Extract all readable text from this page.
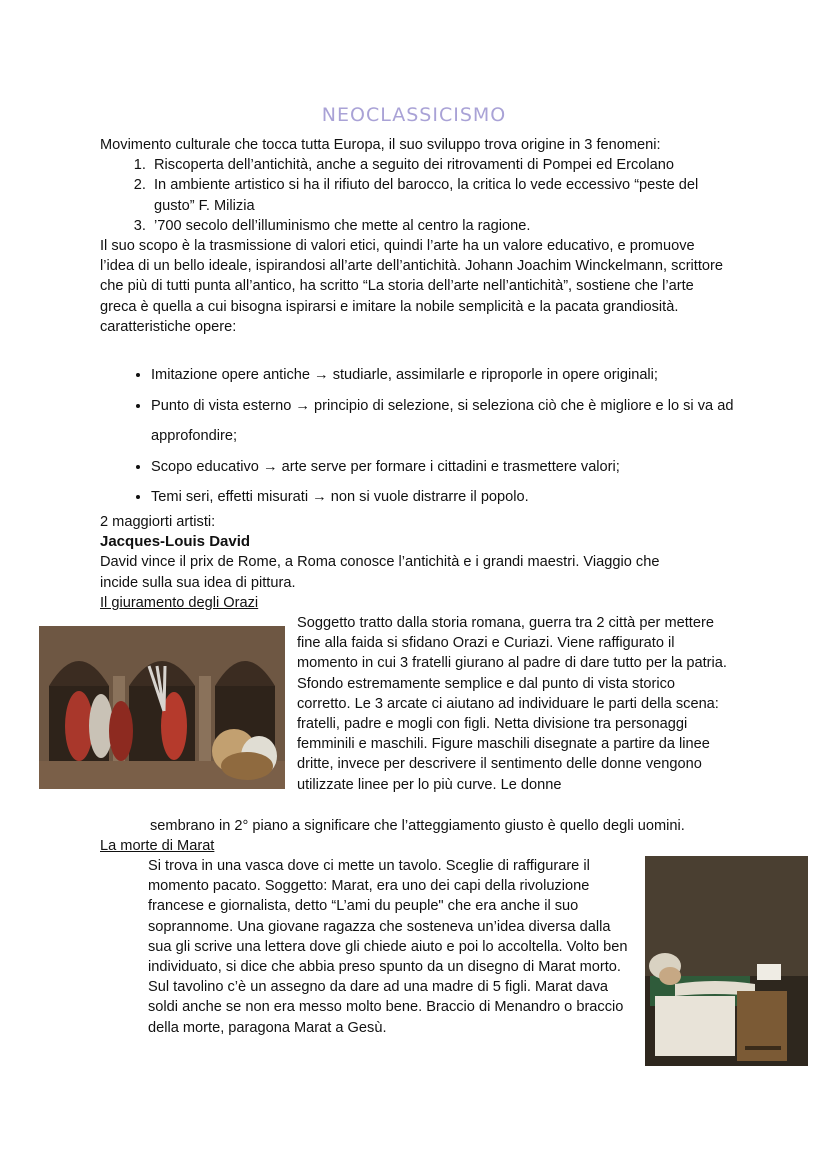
NEOCLASSICISMO
Movimento culturale che tocca tutta Europa, il suo sviluppo trova origine in 3 fenomeni:
1. Riscoperta dell’antichità, anche a seguito dei ritrovamenti di Pompei ed Ercolano
2. In ambiente artistico si ha il rifiuto del barocco, la critica lo vede eccessivo “peste del gusto” F. Milizia
3. ’700 secolo dell’illuminismo che mette al centro la ragione.
Il suo scopo è la trasmissione di valori etici, quindi l’arte ha un valore educativo, e promuove l’idea di un bello ideale, ispirandosi all’arte dell’antichità. Johann Joachim Winckelmann, scrittore che più di tutti punta all’antico, ha scritto “La storia dell’arte nell’antichità”, sostiene che l’arte greca è quella a cui bisogna ispirarsi e imitare la nobile semplicità e la pacata grandiosità.
caratteristiche opere:
• Imitazione opere antiche → studiarle, assimilarle e riproporle in opere originali;
• Punto di vista esterno → principio di selezione, si seleziona ciò che è migliore e lo si va ad approfondire;
• Scopo educativo → arte serve per formare i cittadini e trasmettere valori;
• Temi seri, effetti misurati → non si vuole distrarre il popolo.
2 maggiorti artisti:
Jacques-Louis David
David vince il prix de Rome, a Roma conosce l’antichità e i grandi maestri. Viaggio che incide sulla sua idea di pittura.
Il giuramento degli Orazi
Soggetto tratto dalla storia romana, guerra tra 2 città per mettere fine alla faida si sfidano Orazi e Curiazi. Viene raffigurato il momento in cui 3 fratelli giurano al padre di dare tutto per la patria. Sfondo estremamente semplice e dal punto di vista storico corretto. Le 3 arcate ci aiutano ad individuare le parti della scena: fratelli, padre e mogli con figli. Netta divisione tra personaggi femminili e maschili. Figure maschili disegnate a partire da linee dritte, invece per descrivere il sentimento delle donne vengono utilizzate linee per lo più curve. Le donne
sembrano in 2° piano a significare che l’atteggiamento giusto è quello degli uomini.
La morte di Marat
Si trova in una vasca dove ci mette un tavolo. Sceglie di raffigurare il momento pacato. Soggetto: Marat, era uno dei capi della rivoluzione francese e giornalista, detto “L’ami du peuple" che era anche il suo soprannome. Una giovane ragazza che sosteneva un’idea diversa dalla sua gli scrive una lettera dove gli chiede aiuto e poi lo accoltella. Volto ben individuato, si dice che abbia preso spunto da un disegno di Marat morto.
Sul tavolino c’è un assegno da dare ad una madre di 5 figli. Marat dava soldi anche se non era messo molto bene. Braccio di Menandro o braccio della morte, paragona Marat a Gesù.
